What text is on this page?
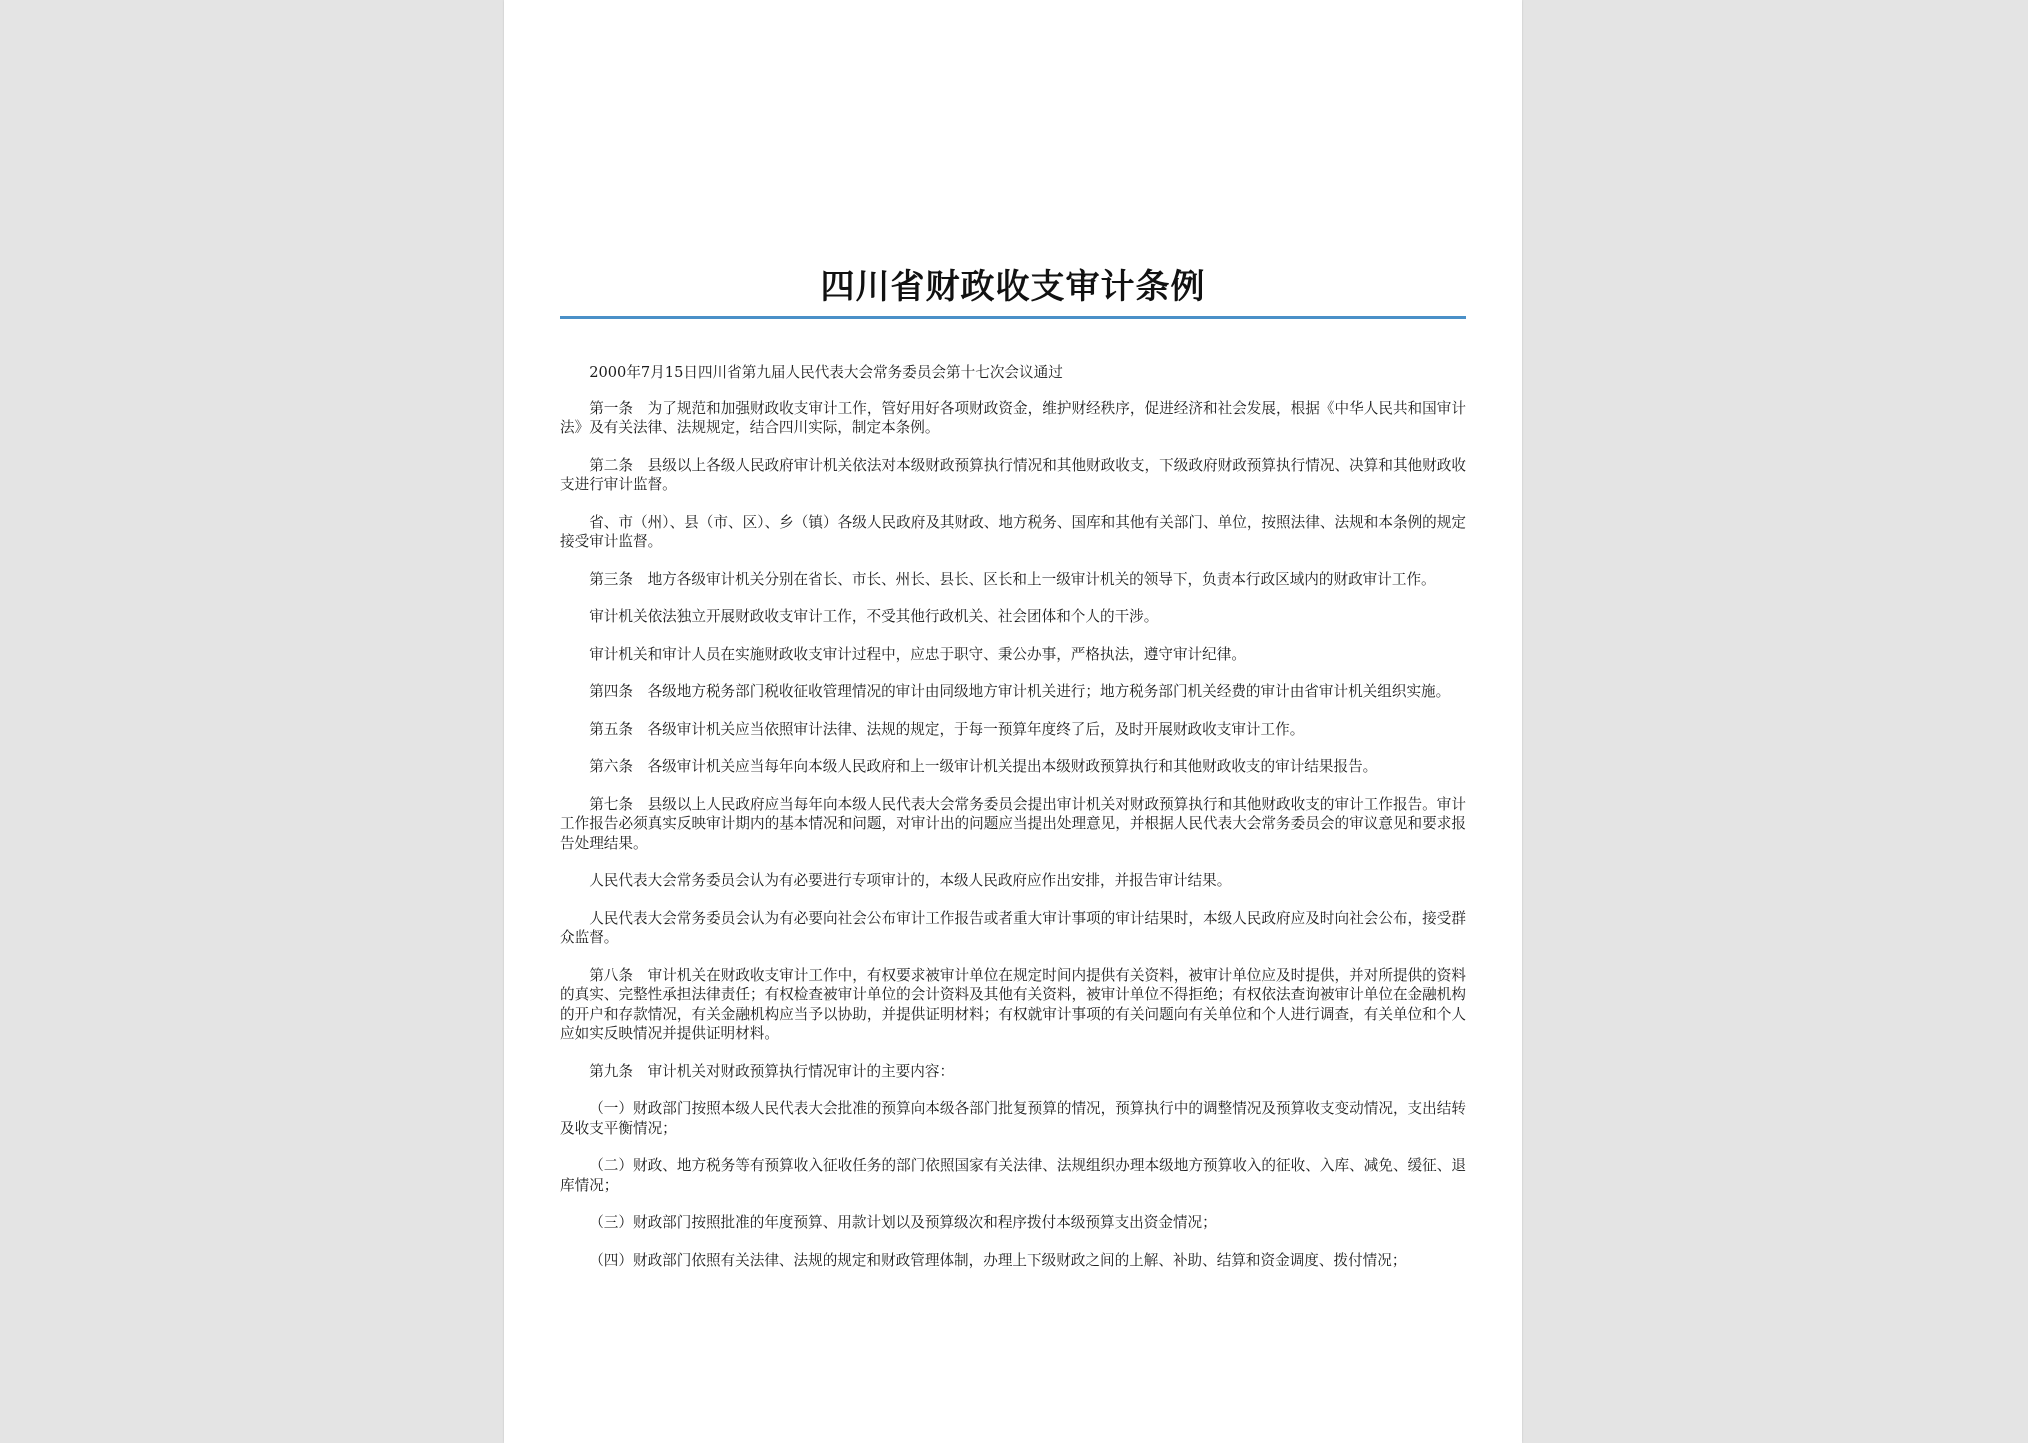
四川省财政收支审计条例

2000年7月15日四川省第九届人民代表大会常务委员会第十七次会议通过

第一条　为了规范和加强财政收支审计工作，管好用好各项财政资金，维护财经秩序，促进经济和社会发展，根据《中华人民共和国审计法》及有关法律、法规规定，结合四川实际，制定本条例。

第二条　县级以上各级人民政府审计机关依法对本级财政预算执行情况和其他财政收支，下级政府财政预算执行情况、决算和其他财政收支进行审计监督。

省、市（州）、县（市、区）、乡（镇）各级人民政府及其财政、地方税务、国库和其他有关部门、单位，按照法律、法规和本条例的规定接受审计监督。

第三条　地方各级审计机关分别在省长、市长、州长、县长、区长和上一级审计机关的领导下，负责本行政区域内的财政审计工作。

审计机关依法独立开展财政收支审计工作，不受其他行政机关、社会团体和个人的干涉。

审计机关和审计人员在实施财政收支审计过程中，应忠于职守、秉公办事，严格执法，遵守审计纪律。

第四条　各级地方税务部门税收征收管理情况的审计由同级地方审计机关进行；地方税务部门机关经费的审计由省审计机关组织实施。

第五条　各级审计机关应当依照审计法律、法规的规定，于每一预算年度终了后，及时开展财政收支审计工作。

第六条　各级审计机关应当每年向本级人民政府和上一级审计机关提出本级财政预算执行和其他财政收支的审计结果报告。

第七条　县级以上人民政府应当每年向本级人民代表大会常务委员会提出审计机关对财政预算执行和其他财政收支的审计工作报告。审计工作报告必须真实反映审计期内的基本情况和问题，对审计出的问题应当提出处理意见，并根据人民代表大会常务委员会的审议意见和要求报告处理结果。

人民代表大会常务委员会认为有必要进行专项审计的，本级人民政府应作出安排，并报告审计结果。

人民代表大会常务委员会认为有必要向社会公布审计工作报告或者重大审计事项的审计结果时，本级人民政府应及时向社会公布，接受群众监督。

第八条　审计机关在财政收支审计工作中，有权要求被审计单位在规定时间内提供有关资料，被审计单位应及时提供，并对所提供的资料的真实、完整性承担法律责任；有权检查被审计单位的会计资料及其他有关资料，被审计单位不得拒绝；有权依法查询被审计单位在金融机构的开户和存款情况，有关金融机构应当予以协助，并提供证明材料；有权就审计事项的有关问题向有关单位和个人进行调查，有关单位和个人应如实反映情况并提供证明材料。

第九条　审计机关对财政预算执行情况审计的主要内容：

（一）财政部门按照本级人民代表大会批准的预算向本级各部门批复预算的情况，预算执行中的调整情况及预算收支变动情况，支出结转及收支平衡情况；

（二）财政、地方税务等有预算收入征收任务的部门依照国家有关法律、法规组织办理本级地方预算收入的征收、入库、减免、缓征、退库情况；

（三）财政部门按照批准的年度预算、用款计划以及预算级次和程序拨付本级预算支出资金情况；

（四）财政部门依照有关法律、法规的规定和财政管理体制，办理上下级财政之间的上解、补助、结算和资金调度、拨付情况；
